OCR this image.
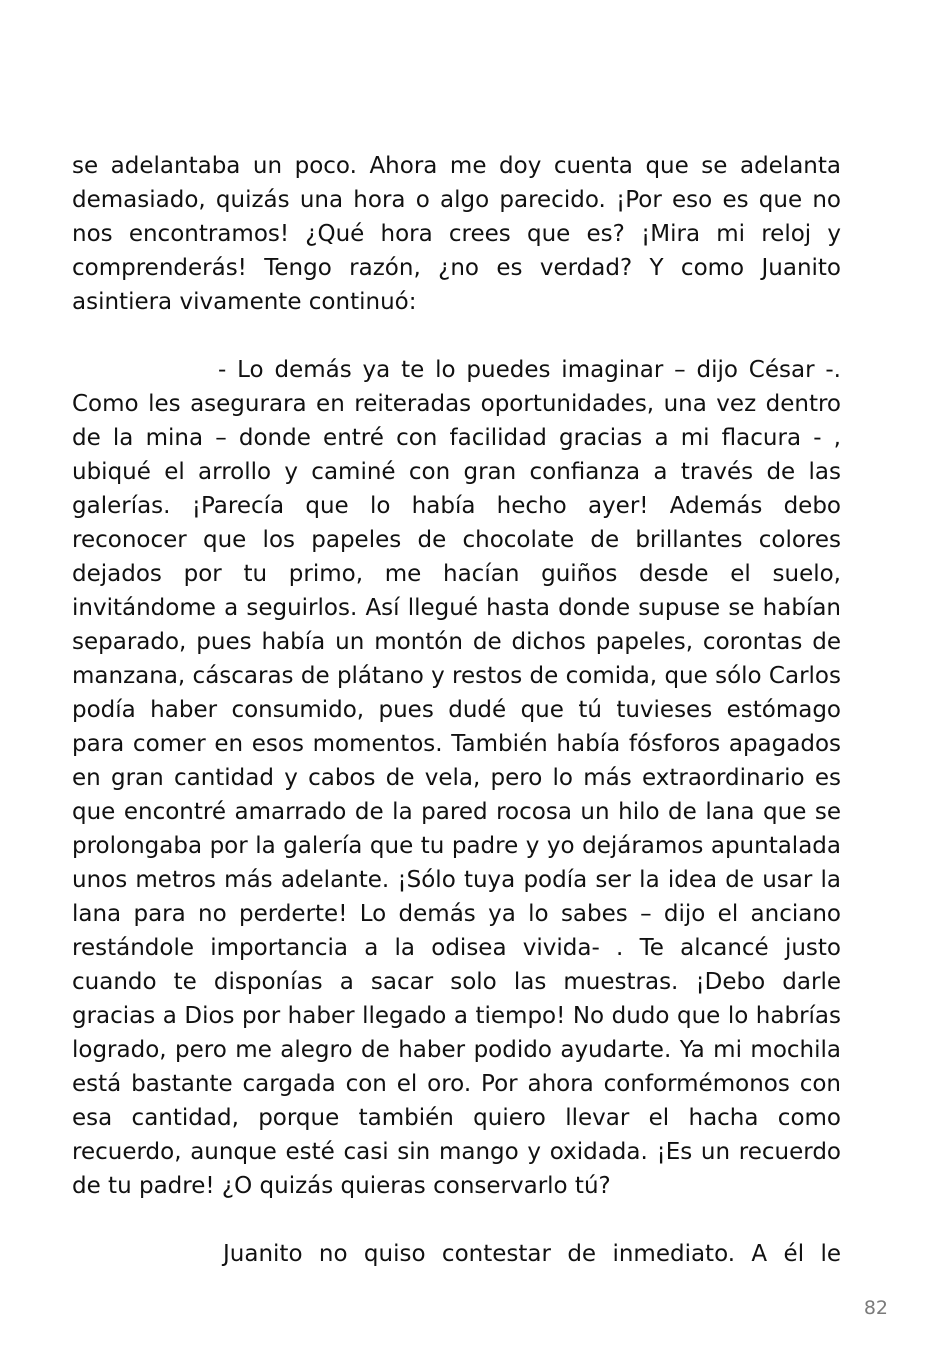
se adelantaba un poco. Ahora me doy cuenta que se adelanta demasiado, quizás una hora o algo parecido. ¡Por eso es que no nos encontramos! ¿Qué hora crees que es? ¡Mira mi reloj y comprenderás! Tengo razón, ¿no es verdad? Y como Juanito asintiera vivamente continuó:

- Lo demás ya te lo puedes imaginar – dijo César -. Como les asegurara en reiteradas oportunidades, una vez dentro de la mina – donde entré con facilidad gracias a mi flacura - , ubiqué el arrollo y caminé con gran confianza a través de las galerías. ¡Parecía que lo había hecho ayer! Además debo reconocer que los papeles de chocolate de brillantes colores dejados por tu primo, me hacían guiños desde el suelo, invitándome a seguirlos. Así llegué hasta donde supuse se habían separado, pues había un montón de dichos papeles, corontas de manzana, cáscaras de plátano y restos de comida, que sólo Carlos podía haber consumido, pues dudé que tú tuvieses estómago para comer en esos momentos. También había fósforos apagados en gran cantidad y cabos de vela, pero lo más extraordinario es que encontré amarrado de la pared rocosa un hilo de lana que se prolongaba por la galería que tu padre y yo dejáramos apuntalada unos metros más adelante. ¡Sólo tuya podía ser la idea de usar la lana para no perderte! Lo demás ya lo sabes – dijo el anciano restándole importancia a la odisea vivida- . Te alcancé justo cuando te disponías a sacar solo las muestras. ¡Debo darle gracias a Dios por haber llegado a tiempo! No dudo que lo habrías logrado, pero me alegro de haber podido ayudarte. Ya mi mochila está bastante cargada con el oro. Por ahora conformémonos con esa cantidad, porque también quiero llevar el hacha como recuerdo, aunque esté casi sin mango y oxidada. ¡Es un recuerdo de tu padre! ¿O quizás quieras conservarlo tú?

Juanito no quiso contestar de inmediato. A él le

82
